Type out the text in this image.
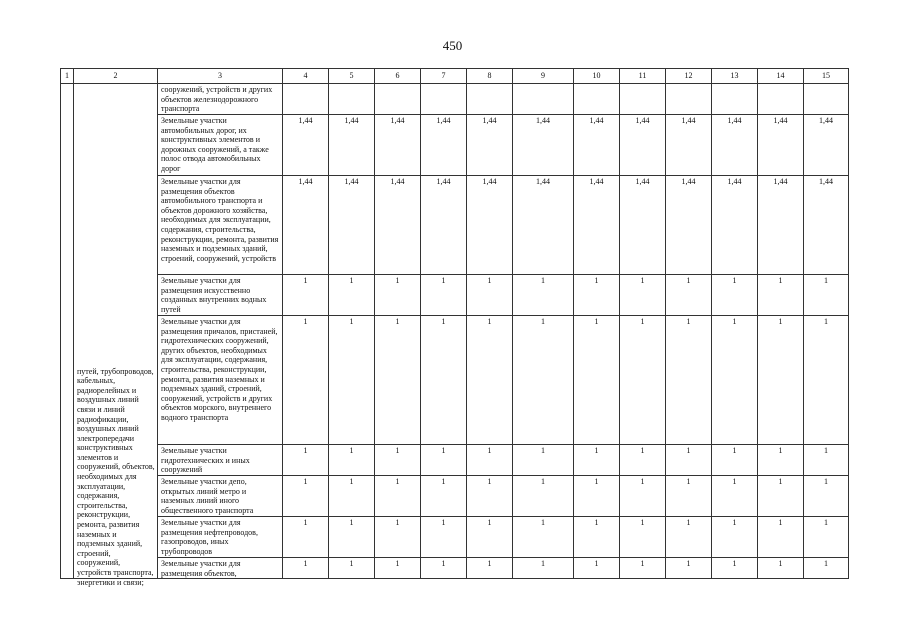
450
1	2	3	4	5	6	7	8	9	10	11	12	13	14	15

	путей, трубопроводов, кабельных, радиорелейных и воздушных линий связи и линий радиофикации, воздушных линий электропередачи конструктивных элементов и сооружений, объектов, необходимых для эксплуатации, содержания, строительства, реконструкции, ремонта, развития наземных и подземных зданий, строений, сооружений, устройств транспорта, энергетики и связи;	сооружений, устройств и других объектов железнодорожного транспорта												
		Земельные участки автомобильных дорог, их конструктивных элементов и дорожных сооружений, а также полос отвода автомобильных дорог	1,44	1,44	1,44	1,44	1,44	1,44	1,44	1,44	1,44	1,44	1,44	1,44
		Земельные участки для размещения объектов автомобильного транспорта и объектов дорожного хозяйства, необходимых для эксплуатации, содержания, строительства, реконструкции, ремонта, развития наземных и подземных зданий, строений, сооружений, устройств	1,44	1,44	1,44	1,44	1,44	1,44	1,44	1,44	1,44	1,44	1,44	1,44
		Земельные участки для размещения искусственно созданных внутренних водных путей	1	1	1	1	1	1	1	1	1	1	1	1
		Земельные участки для размещения причалов, пристаней, гидротехнических сооружений, других объектов, необходимых для эксплуатации, содержания, строительства, реконструкции, ремонта, развития наземных и подземных зданий, строений, сооружений, устройств и других объектов морского, внутреннего водного транспорта	1	1	1	1	1	1	1	1	1	1	1	1
		Земельные участки гидротехнических и иных сооружений	1	1	1	1	1	1	1	1	1	1	1	1
		Земельные участки депо, открытых линий метро и наземных линий иного общественного транспорта	1	1	1	1	1	1	1	1	1	1	1	1
		Земельные участки для размещения нефтепроводов, газопроводов, иных трубопроводов	1	1	1	1	1	1	1	1	1	1	1	1
		Земельные участки для размещения объектов,	1	1	1	1	1	1	1	1	1	1	1	1
